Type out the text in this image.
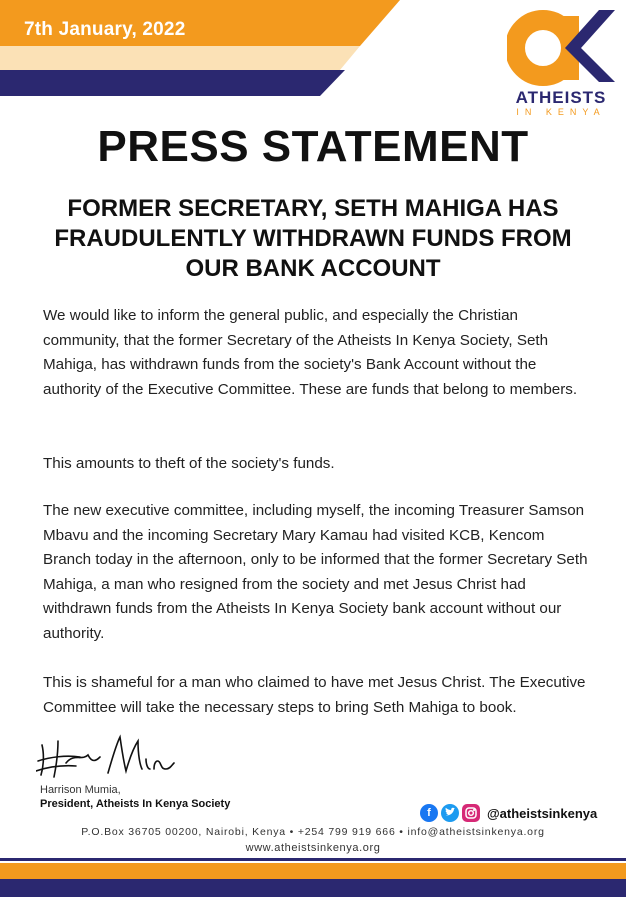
7th January, 2022
ATHEISTS
IN KENYA
PRESS STATEMENT
FORMER SECRETARY, SETH MAHIGA HAS
FRAUDULENTLY WITHDRAWN FUNDS FROM
OUR BANK ACCOUNT

We would like to inform the general public, and especially the Christian community, that the former Secretary of the Atheists In Kenya Society, Seth Mahiga, has withdrawn funds from the society's Bank Account without the authority of the Executive Committee. These are funds that belong to members.

This amounts to theft of the society's funds.

The new executive committee, including myself, the incoming Treasurer Samson Mbavu and the incoming Secretary Mary Kamau had visited KCB, Kencom Branch today in the afternoon, only to be informed that the former Secretary Seth Mahiga, a man who resigned from the society and met Jesus Christ had withdrawn funds from the Atheists In Kenya Society bank account without our authority.

This is shameful for a man who claimed to have met Jesus Christ. The Executive Committee will take the necessary steps to bring Seth Mahiga to book.

Harrison Mumia,
President, Atheists In Kenya Society
f	@atheistsinkenya
P.O.Box 36705 00200, Nairobi, Kenya • +254 799 919 666 • info@atheistsinkenya.org
www.atheistsinkenya.org
